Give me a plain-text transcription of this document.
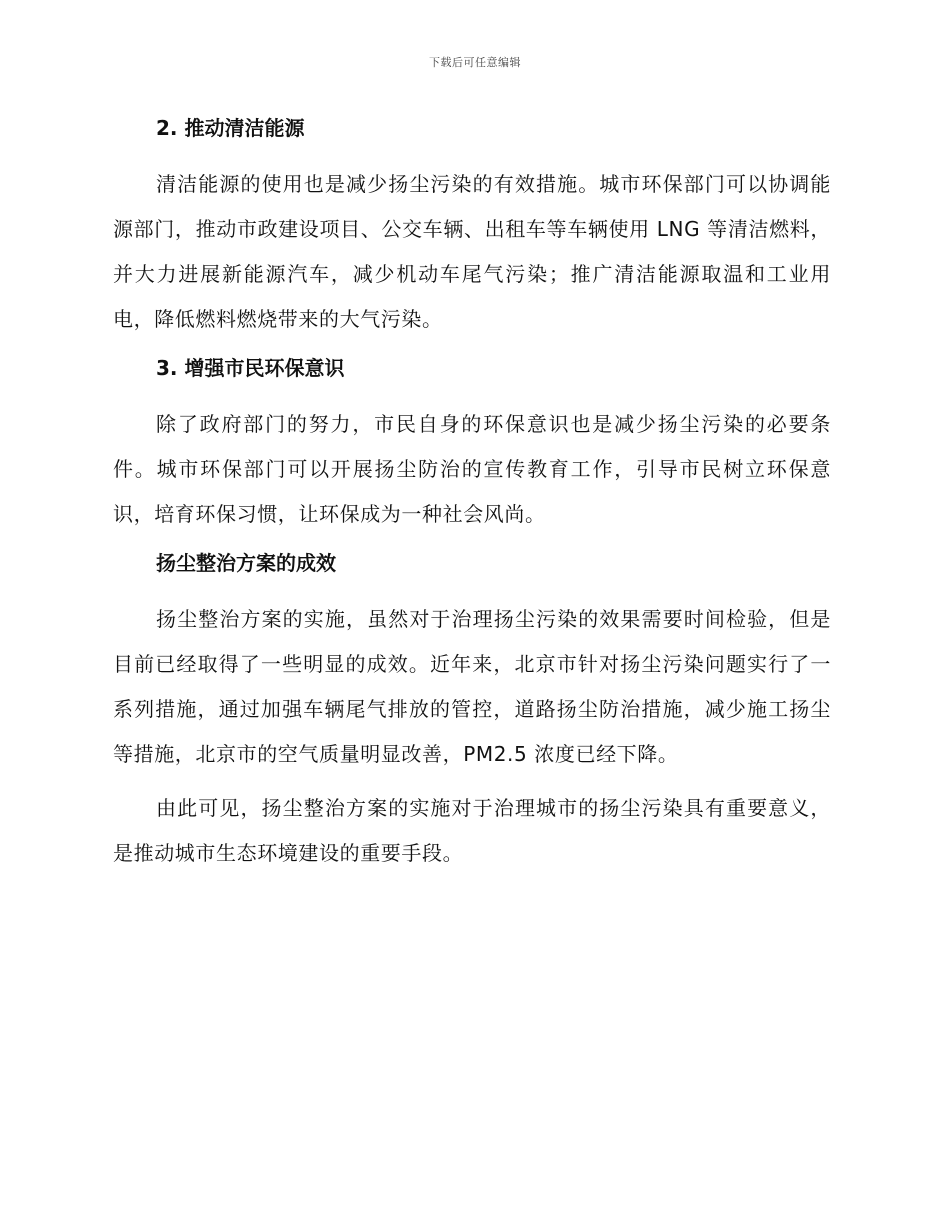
下载后可任意编辑
2. 推动清洁能源

清洁能源的使用也是减少扬尘污染的有效措施。城市环保部门可以协调能源部门，推动市政建设项目、公交车辆、出租车等车辆使用 LNG 等清洁燃料，并大力进展新能源汽车，减少机动车尾气污染；推广清洁能源取温和工业用电，降低燃料燃烧带来的大气污染。

3. 增强市民环保意识

除了政府部门的努力，市民自身的环保意识也是减少扬尘污染的必要条件。城市环保部门可以开展扬尘防治的宣传教育工作，引导市民树立环保意识，培育环保习惯，让环保成为一种社会风尚。

扬尘整治方案的成效

扬尘整治方案的实施，虽然对于治理扬尘污染的效果需要时间检验，但是目前已经取得了一些明显的成效。近年来，北京市针对扬尘污染问题实行了一系列措施，通过加强车辆尾气排放的管控，道路扬尘防治措施，减少施工扬尘等措施，北京市的空气质量明显改善，PM2.5 浓度已经下降。

由此可见，扬尘整治方案的实施对于治理城市的扬尘污染具有重要意义，是推动城市生态环境建设的重要手段。
